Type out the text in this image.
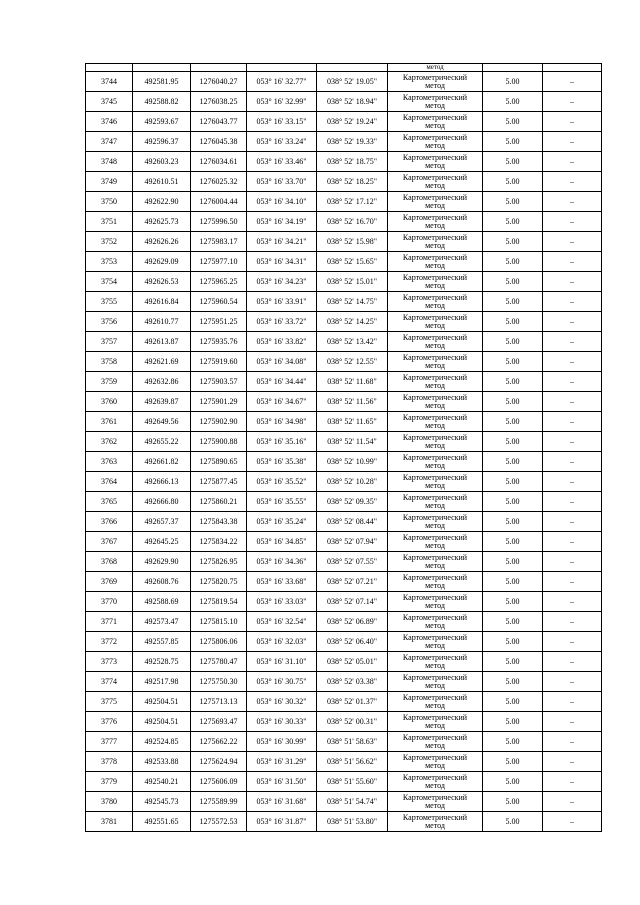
					метод		
3744	492581.95	1276040.27	053° 16' 32.77"	038° 52' 19.05"	Картометрический
метод	5.00	–
3745	492588.82	1276038.25	053° 16' 32.99"	038° 52' 18.94"	Картометрический
метод	5.00	–
3746	492593.67	1276043.77	053° 16' 33.15"	038° 52' 19.24"	Картометрический
метод	5.00	–
3747	492596.37	1276045.38	053° 16' 33.24"	038° 52' 19.33"	Картометрический
метод	5.00	–
3748	492603.23	1276034.61	053° 16' 33.46"	038° 52' 18.75"	Картометрический
метод	5.00	–
3749	492610.51	1276025.32	053° 16' 33.70"	038° 52' 18.25"	Картометрический
метод	5.00	–
3750	492622.90	1276004.44	053° 16' 34.10"	038° 52' 17.12"	Картометрический
метод	5.00	–
3751	492625.73	1275996.50	053° 16' 34.19"	038° 52' 16.70"	Картометрический
метод	5.00	–
3752	492626.26	1275983.17	053° 16' 34.21"	038° 52' 15.98"	Картометрический
метод	5.00	–
3753	492629.09	1275977.10	053° 16' 34.31"	038° 52' 15.65"	Картометрический
метод	5.00	–
3754	492626.53	1275965.25	053° 16' 34.23"	038° 52' 15.01"	Картометрический
метод	5.00	–
3755	492616.84	1275960.54	053° 16' 33.91"	038° 52' 14.75"	Картометрический
метод	5.00	–
3756	492610.77	1275951.25	053° 16' 33.72"	038° 52' 14.25"	Картометрический
метод	5.00	–
3757	492613.87	1275935.76	053° 16' 33.82"	038° 52' 13.42"	Картометрический
метод	5.00	–
3758	492621.69	1275919.60	053° 16' 34.08"	038° 52' 12.55"	Картометрический
метод	5.00	–
3759	492632.86	1275903.57	053° 16' 34.44"	038° 52' 11.68"	Картометрический
метод	5.00	–
3760	492639.87	1275901.29	053° 16' 34.67"	038° 52' 11.56"	Картометрический
метод	5.00	–
3761	492649.56	1275902.90	053° 16' 34.98"	038° 52' 11.65"	Картометрический
метод	5.00	–
3762	492655.22	1275900.88	053° 16' 35.16"	038° 52' 11.54"	Картометрический
метод	5.00	–
3763	492661.82	1275890.65	053° 16' 35.38"	038° 52' 10.99"	Картометрический
метод	5.00	–
3764	492666.13	1275877.45	053° 16' 35.52"	038° 52' 10.28"	Картометрический
метод	5.00	–
3765	492666.80	1275860.21	053° 16' 35.55"	038° 52' 09.35"	Картометрический
метод	5.00	–
3766	492657.37	1275843.38	053° 16' 35.24"	038° 52' 08.44"	Картометрический
метод	5.00	–
3767	492645.25	1275834.22	053° 16' 34.85"	038° 52' 07.94"	Картометрический
метод	5.00	–
3768	492629.90	1275826.95	053° 16' 34.36"	038° 52' 07.55"	Картометрический
метод	5.00	–
3769	492608.76	1275820.75	053° 16' 33.68"	038° 52' 07.21"	Картометрический
метод	5.00	–
3770	492588.69	1275819.54	053° 16' 33.03"	038° 52' 07.14"	Картометрический
метод	5.00	–
3771	492573.47	1275815.10	053° 16' 32.54"	038° 52' 06.89"	Картометрический
метод	5.00	–
3772	492557.85	1275806.06	053° 16' 32.03"	038° 52' 06.40"	Картометрический
метод	5.00	–
3773	492528.75	1275780.47	053° 16' 31.10"	038° 52' 05.01"	Картометрический
метод	5.00	–
3774	492517.98	1275750.30	053° 16' 30.75"	038° 52' 03.38"	Картометрический
метод	5.00	–
3775	492504.51	1275713.13	053° 16' 30.32"	038° 52' 01.37"	Картометрический
метод	5.00	–
3776	492504.51	1275693.47	053° 16' 30.33"	038° 52' 00.31"	Картометрический
метод	5.00	–
3777	492524.85	1275662.22	053° 16' 30.99"	038° 51' 58.63"	Картометрический
метод	5.00	–
3778	492533.88	1275624.94	053° 16' 31.29"	038° 51' 56.62"	Картометрический
метод	5.00	–
3779	492540.21	1275606.09	053° 16' 31.50"	038° 51' 55.60"	Картометрический
метод	5.00	–
3780	492545.73	1275589.99	053° 16' 31.68"	038° 51' 54.74"	Картометрический
метод	5.00	–
3781	492551.65	1275572.53	053° 16' 31.87"	038° 51' 53.80"	Картометрический
метод	5.00	–
